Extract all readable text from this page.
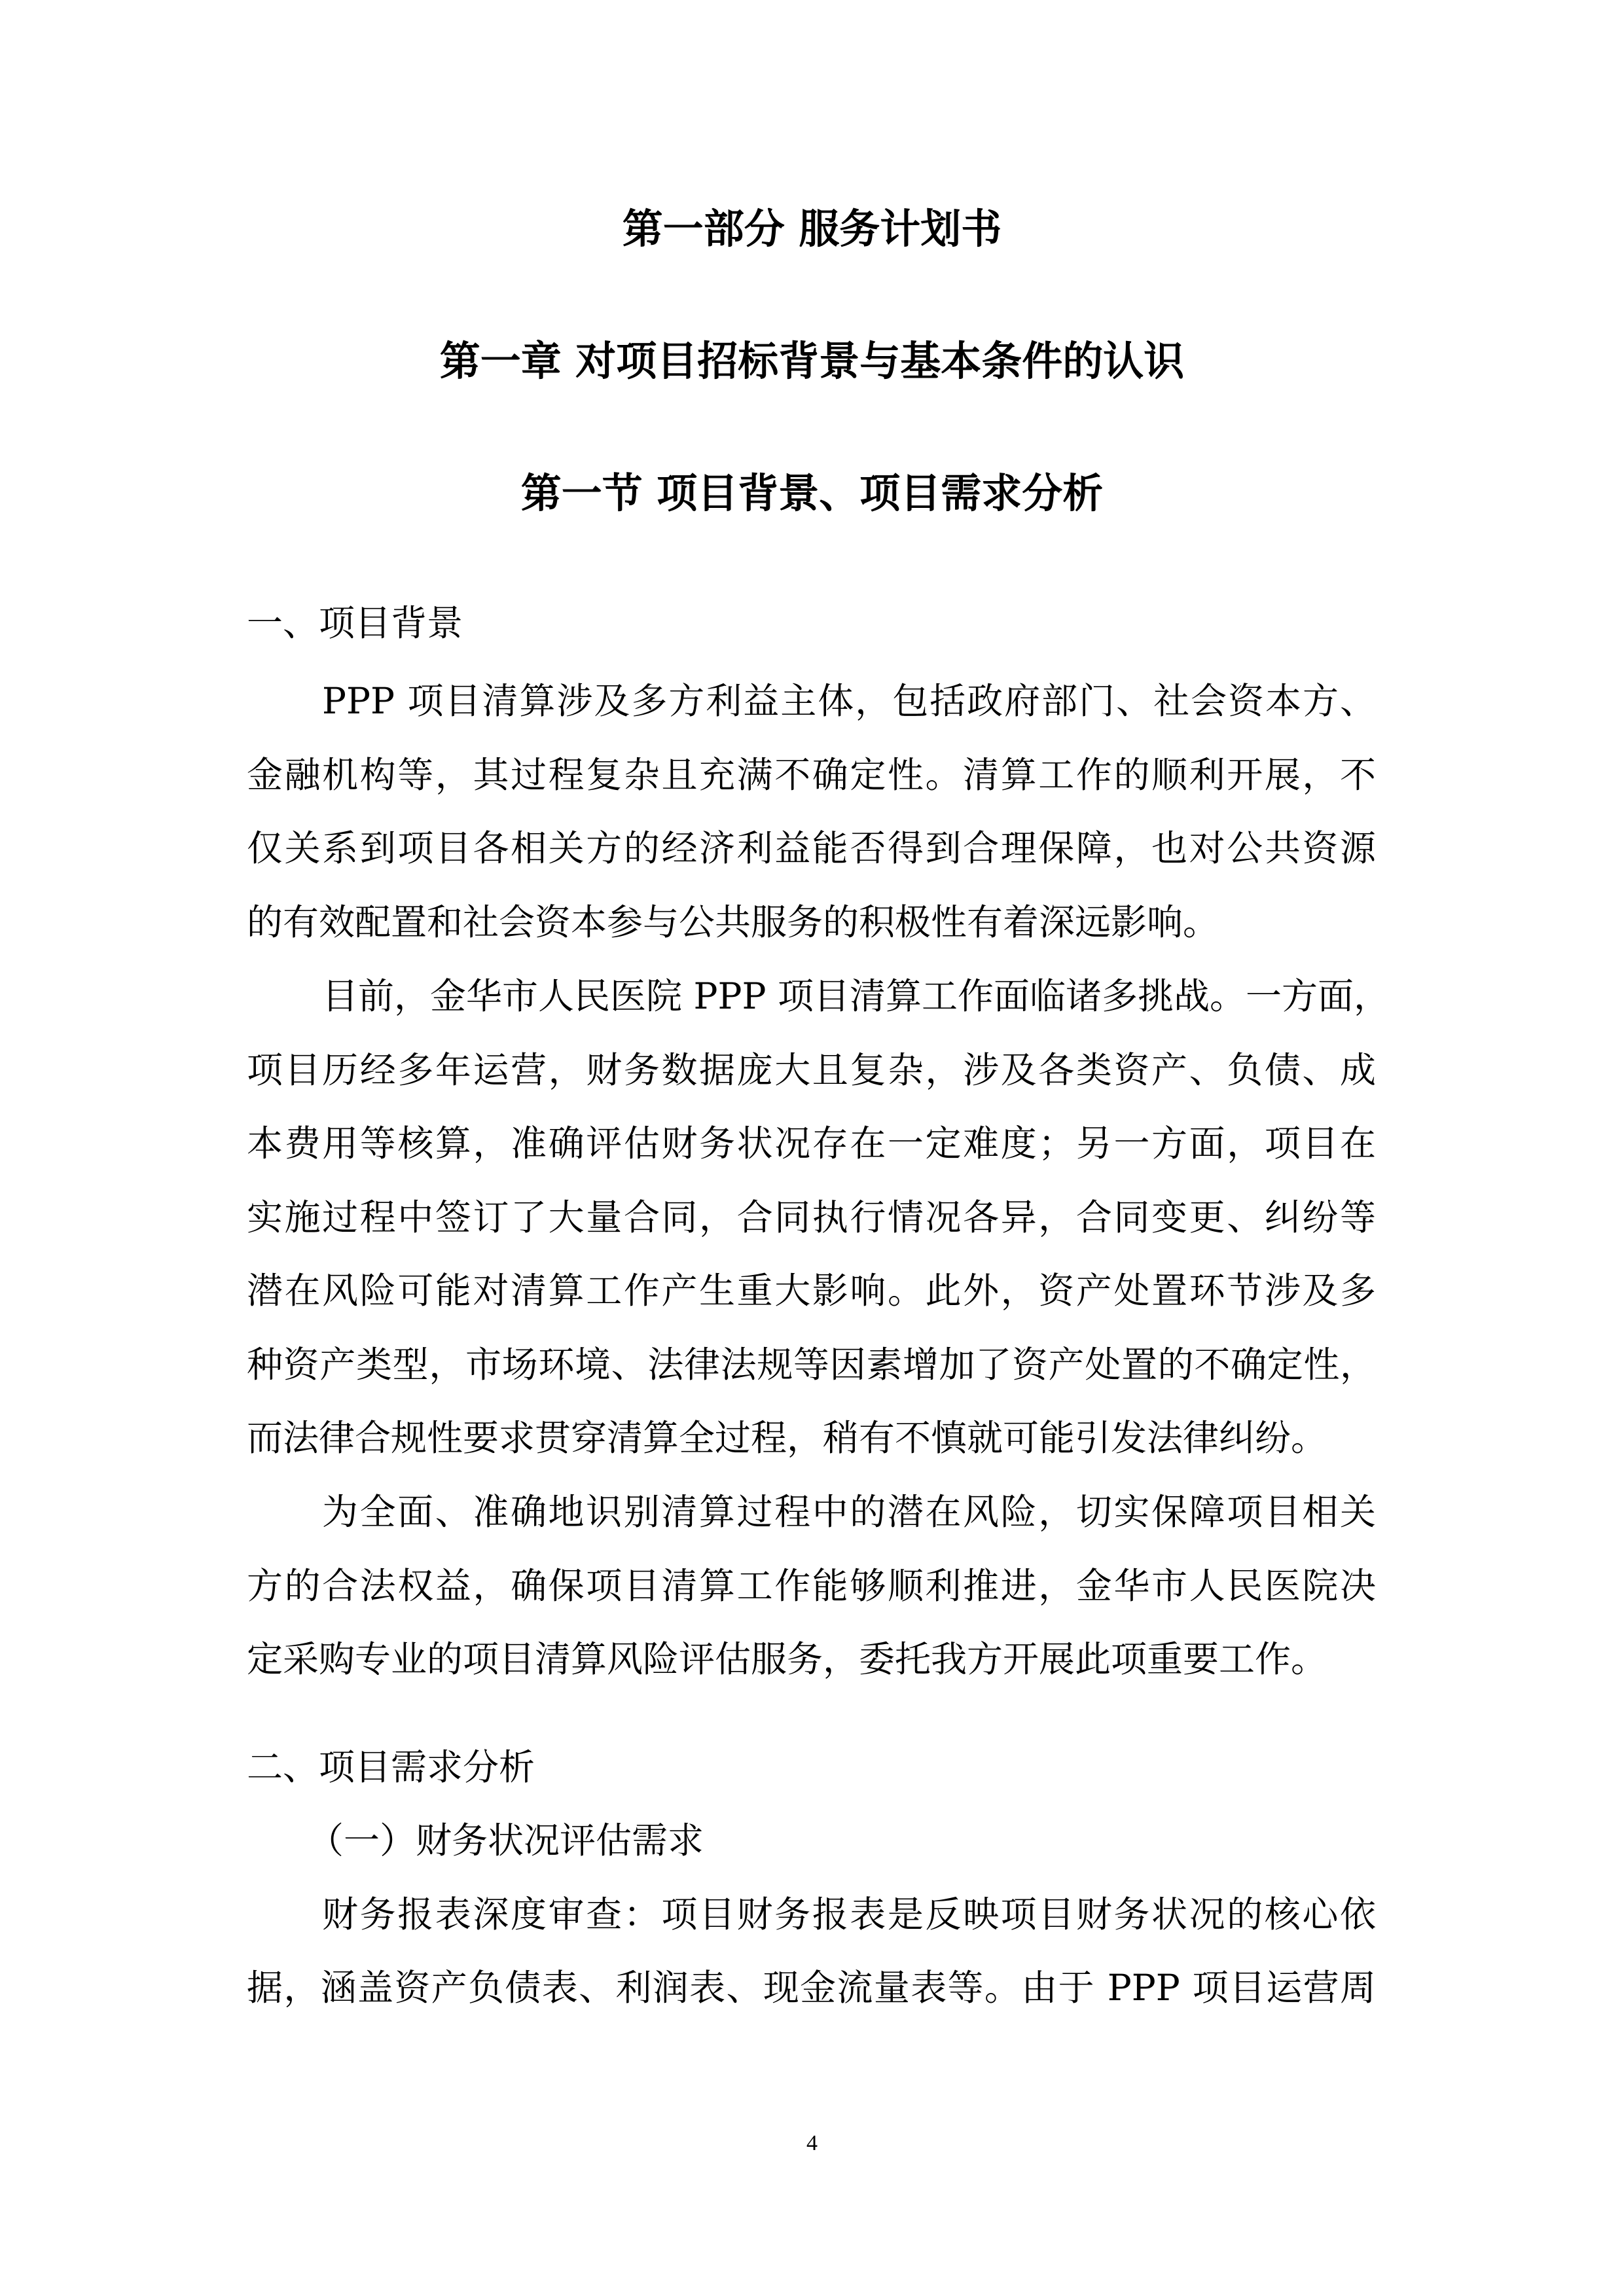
第一部分 服务计划书
第一章 对项目招标背景与基本条件的认识
第一节 项目背景、项目需求分析
一、项目背景
PPP 项目清算涉及多方利益主体，包括政府部门、社会资本方、
金融机构等，其过程复杂且充满不确定性。清算工作的顺利开展，不
仅关系到项目各相关方的经济利益能否得到合理保障，也对公共资源
的有效配置和社会资本参与公共服务的积极性有着深远影响。
目前，金华市人民医院 PPP 项目清算工作面临诸多挑战。一方面，
项目历经多年运营，财务数据庞大且复杂，涉及各类资产、负债、成
本费用等核算，准确评估财务状况存在一定难度；另一方面，项目在
实施过程中签订了大量合同，合同执行情况各异，合同变更、纠纷等
潜在风险可能对清算工作产生重大影响。此外，资产处置环节涉及多
种资产类型，市场环境、法律法规等因素增加了资产处置的不确定性，
而法律合规性要求贯穿清算全过程，稍有不慎就可能引发法律纠纷。
为全面、准确地识别清算过程中的潜在风险，切实保障项目相关
方的合法权益，确保项目清算工作能够顺利推进，金华市人民医院决
定采购专业的项目清算风险评估服务，委托我方开展此项重要工作。
二、项目需求分析
（一）财务状况评估需求
财务报表深度审查：项目财务报表是反映项目财务状况的核心依
据，涵盖资产负债表、利润表、现金流量表等。由于 PPP 项目运营周
4
